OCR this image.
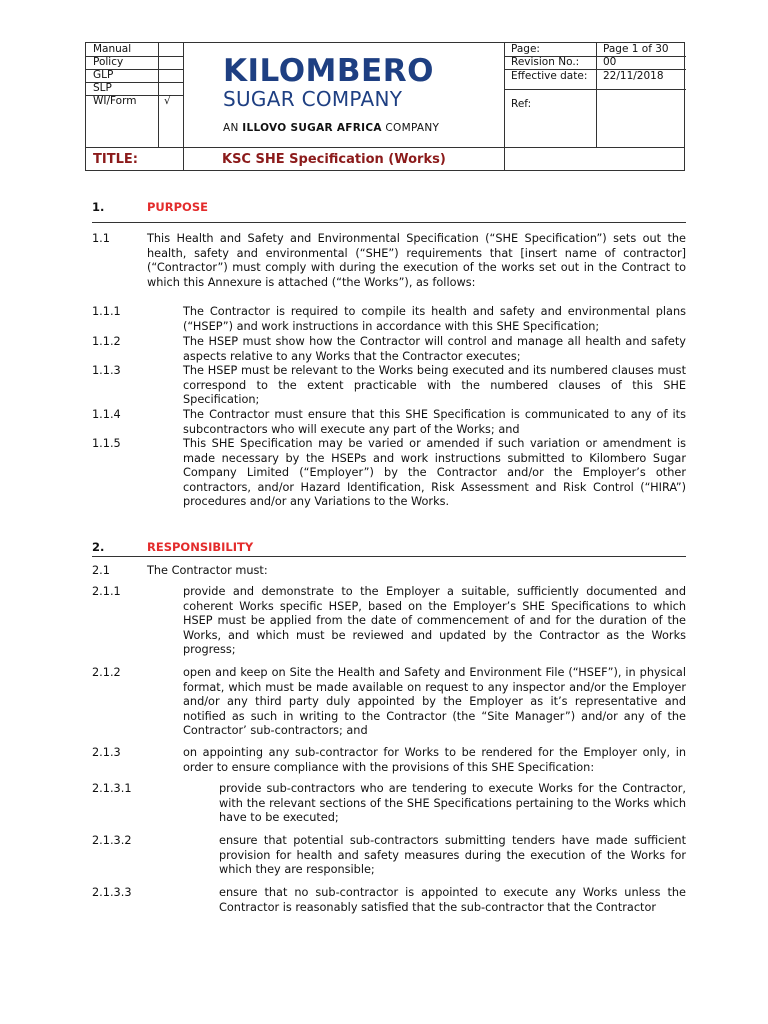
Manual
Policy
GLP
SLP
WI/Form	√
Page:	Page 1 of 30
Revision No.: 00
Effective date: 22/11/2018
Ref:
KILOMBERO
SUGAR COMPANY
AN ILLOVO SUGAR AFRICA COMPANY
TITLE:	KSC SHE Specification (Works)
1.	PURPOSE
1.1	This Health and Safety and Environmental Specification (“SHE Specification”) sets out the health, safety and environmental (“SHE”) requirements that [insert name of contractor] (“Contractor”) must comply with during the execution of the works set out in the Contract to which this Annexure is attached (“the Works”), as follows:
1.1.1	The Contractor is required to compile its health and safety and environmental plans (“HSEP”) and work instructions in accordance with this SHE Specification;
1.1.2	The HSEP must show how the Contractor will control and manage all health and safety aspects relative to any Works that the Contractor executes;
1.1.3	The HSEP must be relevant to the Works being executed and its numbered clauses must correspond to the extent practicable with the numbered clauses of this SHE Specification;
1.1.4	The Contractor must ensure that this SHE Specification is communicated to any of its subcontractors who will execute any part of the Works; and
1.1.5	This SHE Specification may be varied or amended if such variation or amendment is made necessary by the HSEPs and work instructions submitted to Kilombero Sugar Company Limited (“Employer”) by the Contractor and/or the Employer’s other contractors, and/or Hazard Identification, Risk Assessment and Risk Control (“HIRA”) procedures and/or any Variations to the Works.
2.	RESPONSIBILITY
2.1	The Contractor must:
2.1.1	provide and demonstrate to the Employer a suitable, sufficiently documented and coherent Works specific HSEP, based on the Employer’s SHE Specifications to which HSEP must be applied from the date of commencement of and for the duration of the Works, and which must be reviewed and updated by the Contractor as the Works progress;
2.1.2	open and keep on Site the Health and Safety and Environment File (“HSEF”), in physical format, which must be made available on request to any inspector and/or the Employer and/or any third party duly appointed by the Employer as it’s representative and notified as such in writing to the Contractor (the “Site Manager”) and/or any of the Contractor’ sub-contractors; and
2.1.3	on appointing any sub-contractor for Works to be rendered for the Employer only, in order to ensure compliance with the provisions of this SHE Specification:
2.1.3.1	provide sub-contractors who are tendering to execute Works for the Contractor, with the relevant sections of the SHE Specifications pertaining to the Works which have to be executed;
2.1.3.2	ensure that potential sub-contractors submitting tenders have made sufficient provision for health and safety measures during the execution of the Works for which they are responsible;
2.1.3.3	ensure that no sub-contractor is appointed to execute any Works unless the Contractor is reasonably satisfied that the sub-contractor that the Contractor
